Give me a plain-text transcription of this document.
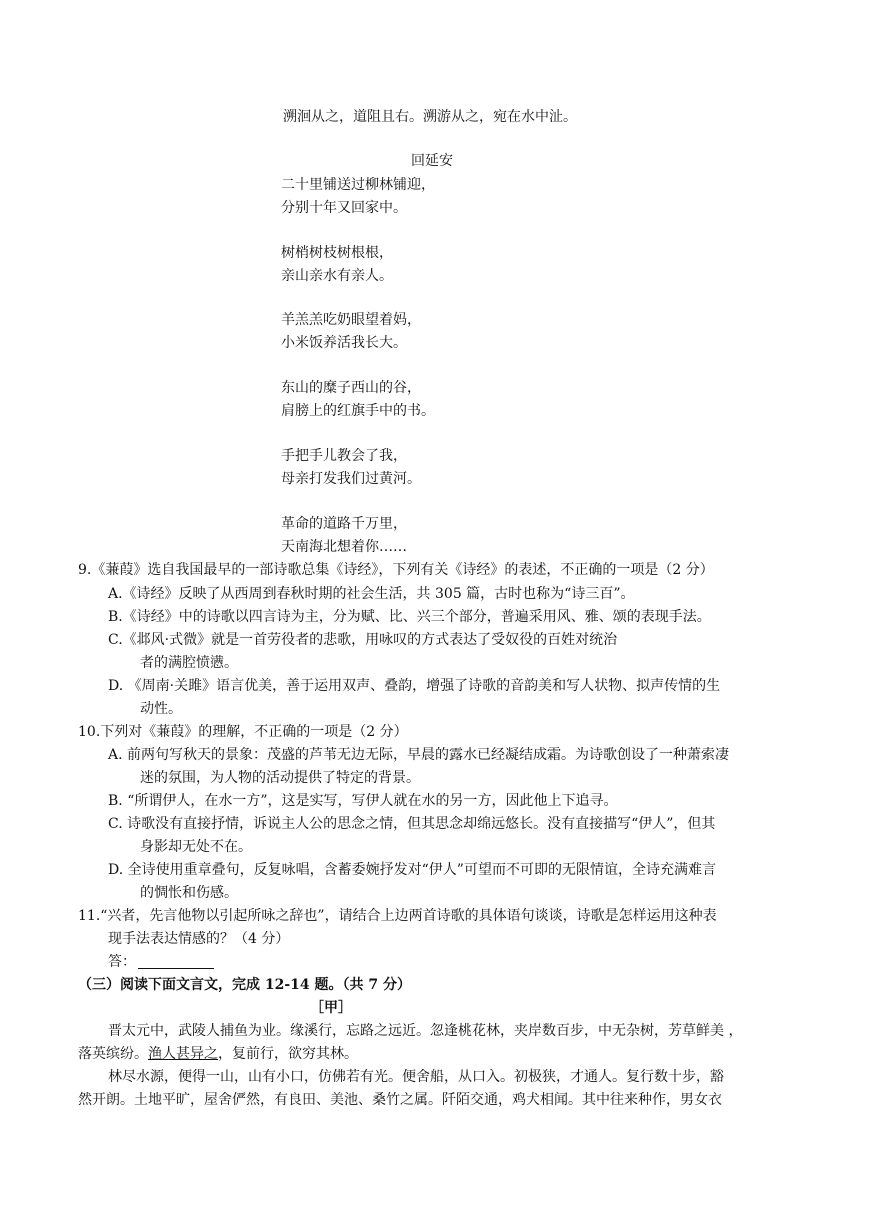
溯洄从之，道阻且右。溯游从之，宛在水中沚。
回延安
二十里铺送过柳林铺迎，
分别十年又回家中。
树梢树枝树根根，
亲山亲水有亲人。
羊羔羔吃奶眼望着妈，
小米饭养活我长大。
东山的糜子西山的谷，
肩膀上的红旗手中的书。
手把手儿教会了我，
母亲打发我们过黄河。
革命的道路千万里，
天南海北想着你……
9.《蒹葭》选自我国最早的一部诗歌总集《诗经》，下列有关《诗经》的表述，不正确的一项是（2 分）
A.《诗经》反映了从西周到春秋时期的社会生活，共 305 篇，古时也称为“诗三百”。
B.《诗经》中的诗歌以四言诗为主，分为赋、比、兴三个部分，普遍采用风、雅、颂的表现手法。
C.《邶风·式微》就是一首劳役者的悲歌，用咏叹的方式表达了受奴役的百姓对统治
者的满腔愤懑。
D. 《周南·关雎》语言优美，善于运用双声、叠韵，增强了诗歌的音韵美和写人状物、拟声传情的生
动性。
10.下列对《蒹葭》的理解，不正确的一项是（2 分）
A. 前两句写秋天的景象：茂盛的芦苇无边无际，早晨的露水已经凝结成霜。为诗歌创设了一种萧索凄
迷的氛围，为人物的活动提供了特定的背景。
B. “所谓伊人，在水一方”，这是实写，写伊人就在水的另一方，因此他上下追寻。
C. 诗歌没有直接抒情，诉说主人公的思念之情，但其思念却绵远悠长。没有直接描写“伊人”，但其
身影却无处不在。
D. 全诗使用重章叠句，反复咏唱，含蓄委婉抒发对“伊人”可望而不可即的无限情谊，全诗充满难言
的惆怅和伤感。
11.“兴者，先言他物以引起所咏之辞也”，请结合上边两首诗歌的具体语句谈谈，诗歌是怎样运用这种表
现手法表达情感的？（4 分）
答：
（三）阅读下面文言文，完成 12-14 题。（共 7 分）
［甲］
晋太元中，武陵人捕鱼为业。缘溪行，忘路之远近。忽逢桃花林，夹岸数百步，中无杂树，芳草鲜美 ，
落英缤纷。渔人甚异之，复前行，欲穷其林。
林尽水源，便得一山，山有小口，仿佛若有光。便舍船，从口入。初极狭，才通人。复行数十步，豁
然开朗。土地平旷，屋舍俨然，有良田、美池、桑竹之属。阡陌交通，鸡犬相闻。其中往来种作，男女衣
